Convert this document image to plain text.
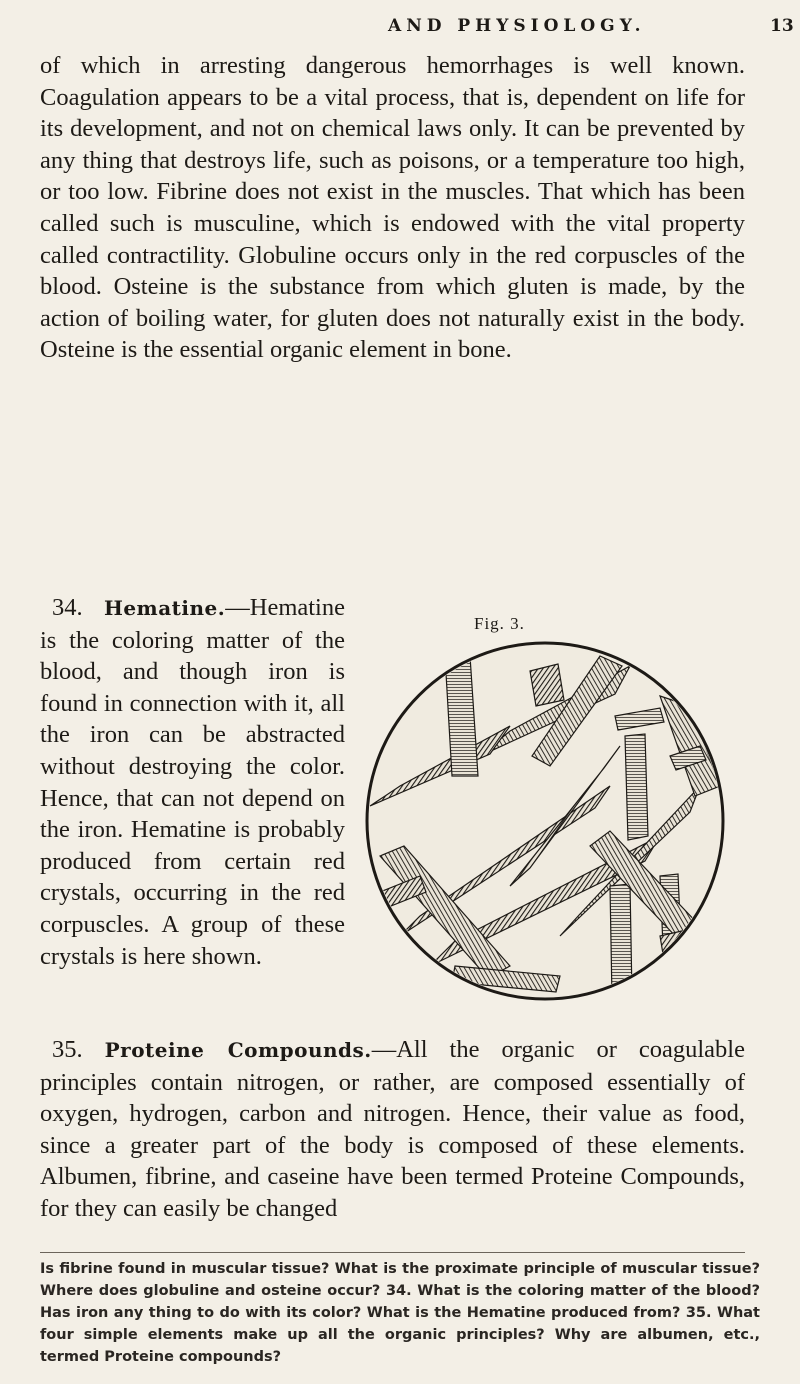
AND PHYSIOLOGY.	13

of which in arresting dangerous hemorrhages is well known. Coagulation appears to be a vital process, that is, dependent on life for its development, and not on chemical laws only. It can be prevented by any thing that destroys life, such as poisons, or a temperature too high, or too low. Fibrine does not exist in the muscles. That which has been called such is musculine, which is endowed with the vital property called contractility. Globuline occurs only in the red corpuscles of the blood. Osteine is the substance from which gluten is made, by the action of boiling water, for gluten does not naturally exist in the body. Osteine is the essential organic element in bone.

34. Hematine.—Hematine is the coloring matter of the blood, and though iron is found in connection with it, all the iron can be abstracted without destroying the color. Hence, that can not depend on the iron. Hematine is probably produced from certain red crystals, occurring in the red corpuscles. A group of these crystals is here shown.

Fig. 3.

35. Proteine Compounds.—All the organic or coagulable principles contain nitrogen, or rather, are composed essentially of oxygen, hydrogen, carbon and nitrogen. Hence, their value as food, since a greater part of the body is composed of these elements. Albumen, fibrine, and caseine have been termed Proteine Compounds, for they can easily be changed

Is fibrine found in muscular tissue? What is the proximate principle of muscular tissue? Where does globuline and osteine occur? 34. What is the coloring matter of the blood? Has iron any thing to do with its color? What is the Hematine produced from? 35. What four simple elements make up all the organic principles? Why are albumen, etc., termed Proteine compounds?
